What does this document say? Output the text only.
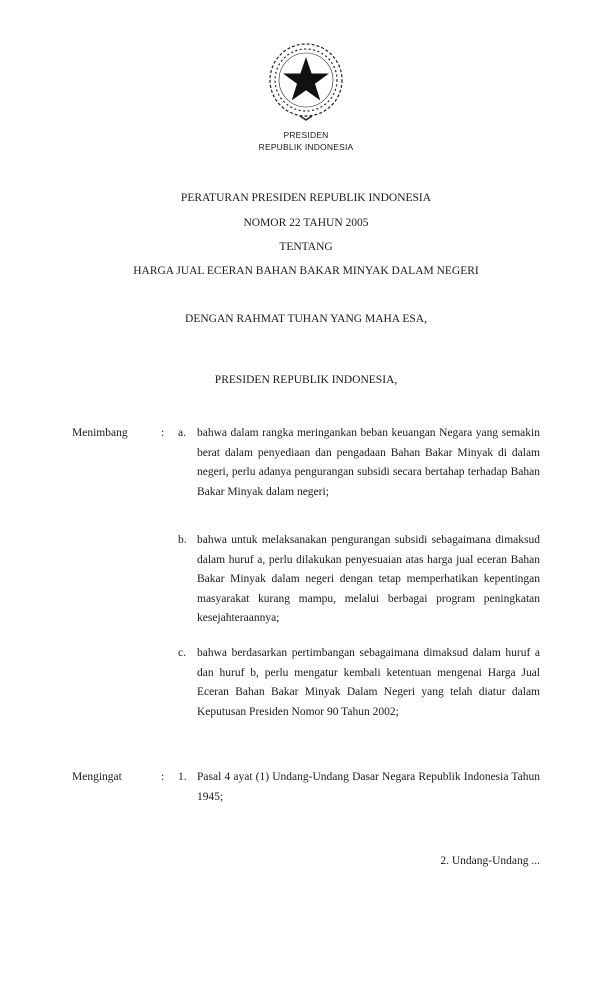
PRESIDEN
REPUBLIK INDONESIA
PERATURAN PRESIDEN REPUBLIK INDONESIA
NOMOR 22 TAHUN 2005
TENTANG
HARGA JUAL ECERAN BAHAN BAKAR MINYAK DALAM NEGERI
DENGAN RAHMAT TUHAN YANG MAHA ESA,
PRESIDEN REPUBLIK INDONESIA,
Menimbang	: a. bahwa dalam rangka meringankan beban keuangan Negara yang semakin berat dalam penyediaan dan pengadaan Bahan Bakar Minyak di dalam negeri, perlu adanya pengurangan subsidi secara bertahap terhadap Bahan Bakar Minyak dalam negeri;
b. bahwa untuk melaksanakan pengurangan subsidi sebagaimana dimaksud dalam huruf a, perlu dilakukan penyesuaian atas harga jual eceran Bahan Bakar Minyak dalam negeri dengan tetap memperhatikan kepentingan masyarakat kurang mampu, melalui berbagai program peningkatan kesejahteraannya;
c. bahwa berdasarkan pertimbangan sebagaimana dimaksud dalam huruf a dan huruf b, perlu mengatur kembali ketentuan mengenai Harga Jual Eceran Bahan Bakar Minyak Dalam Negeri yang telah diatur dalam Keputusan Presiden Nomor 90 Tahun 2002;
Mengingat	: 1. Pasal 4 ayat (1) Undang-Undang Dasar Negara Republik Indonesia Tahun 1945;
2. Undang-Undang ...
